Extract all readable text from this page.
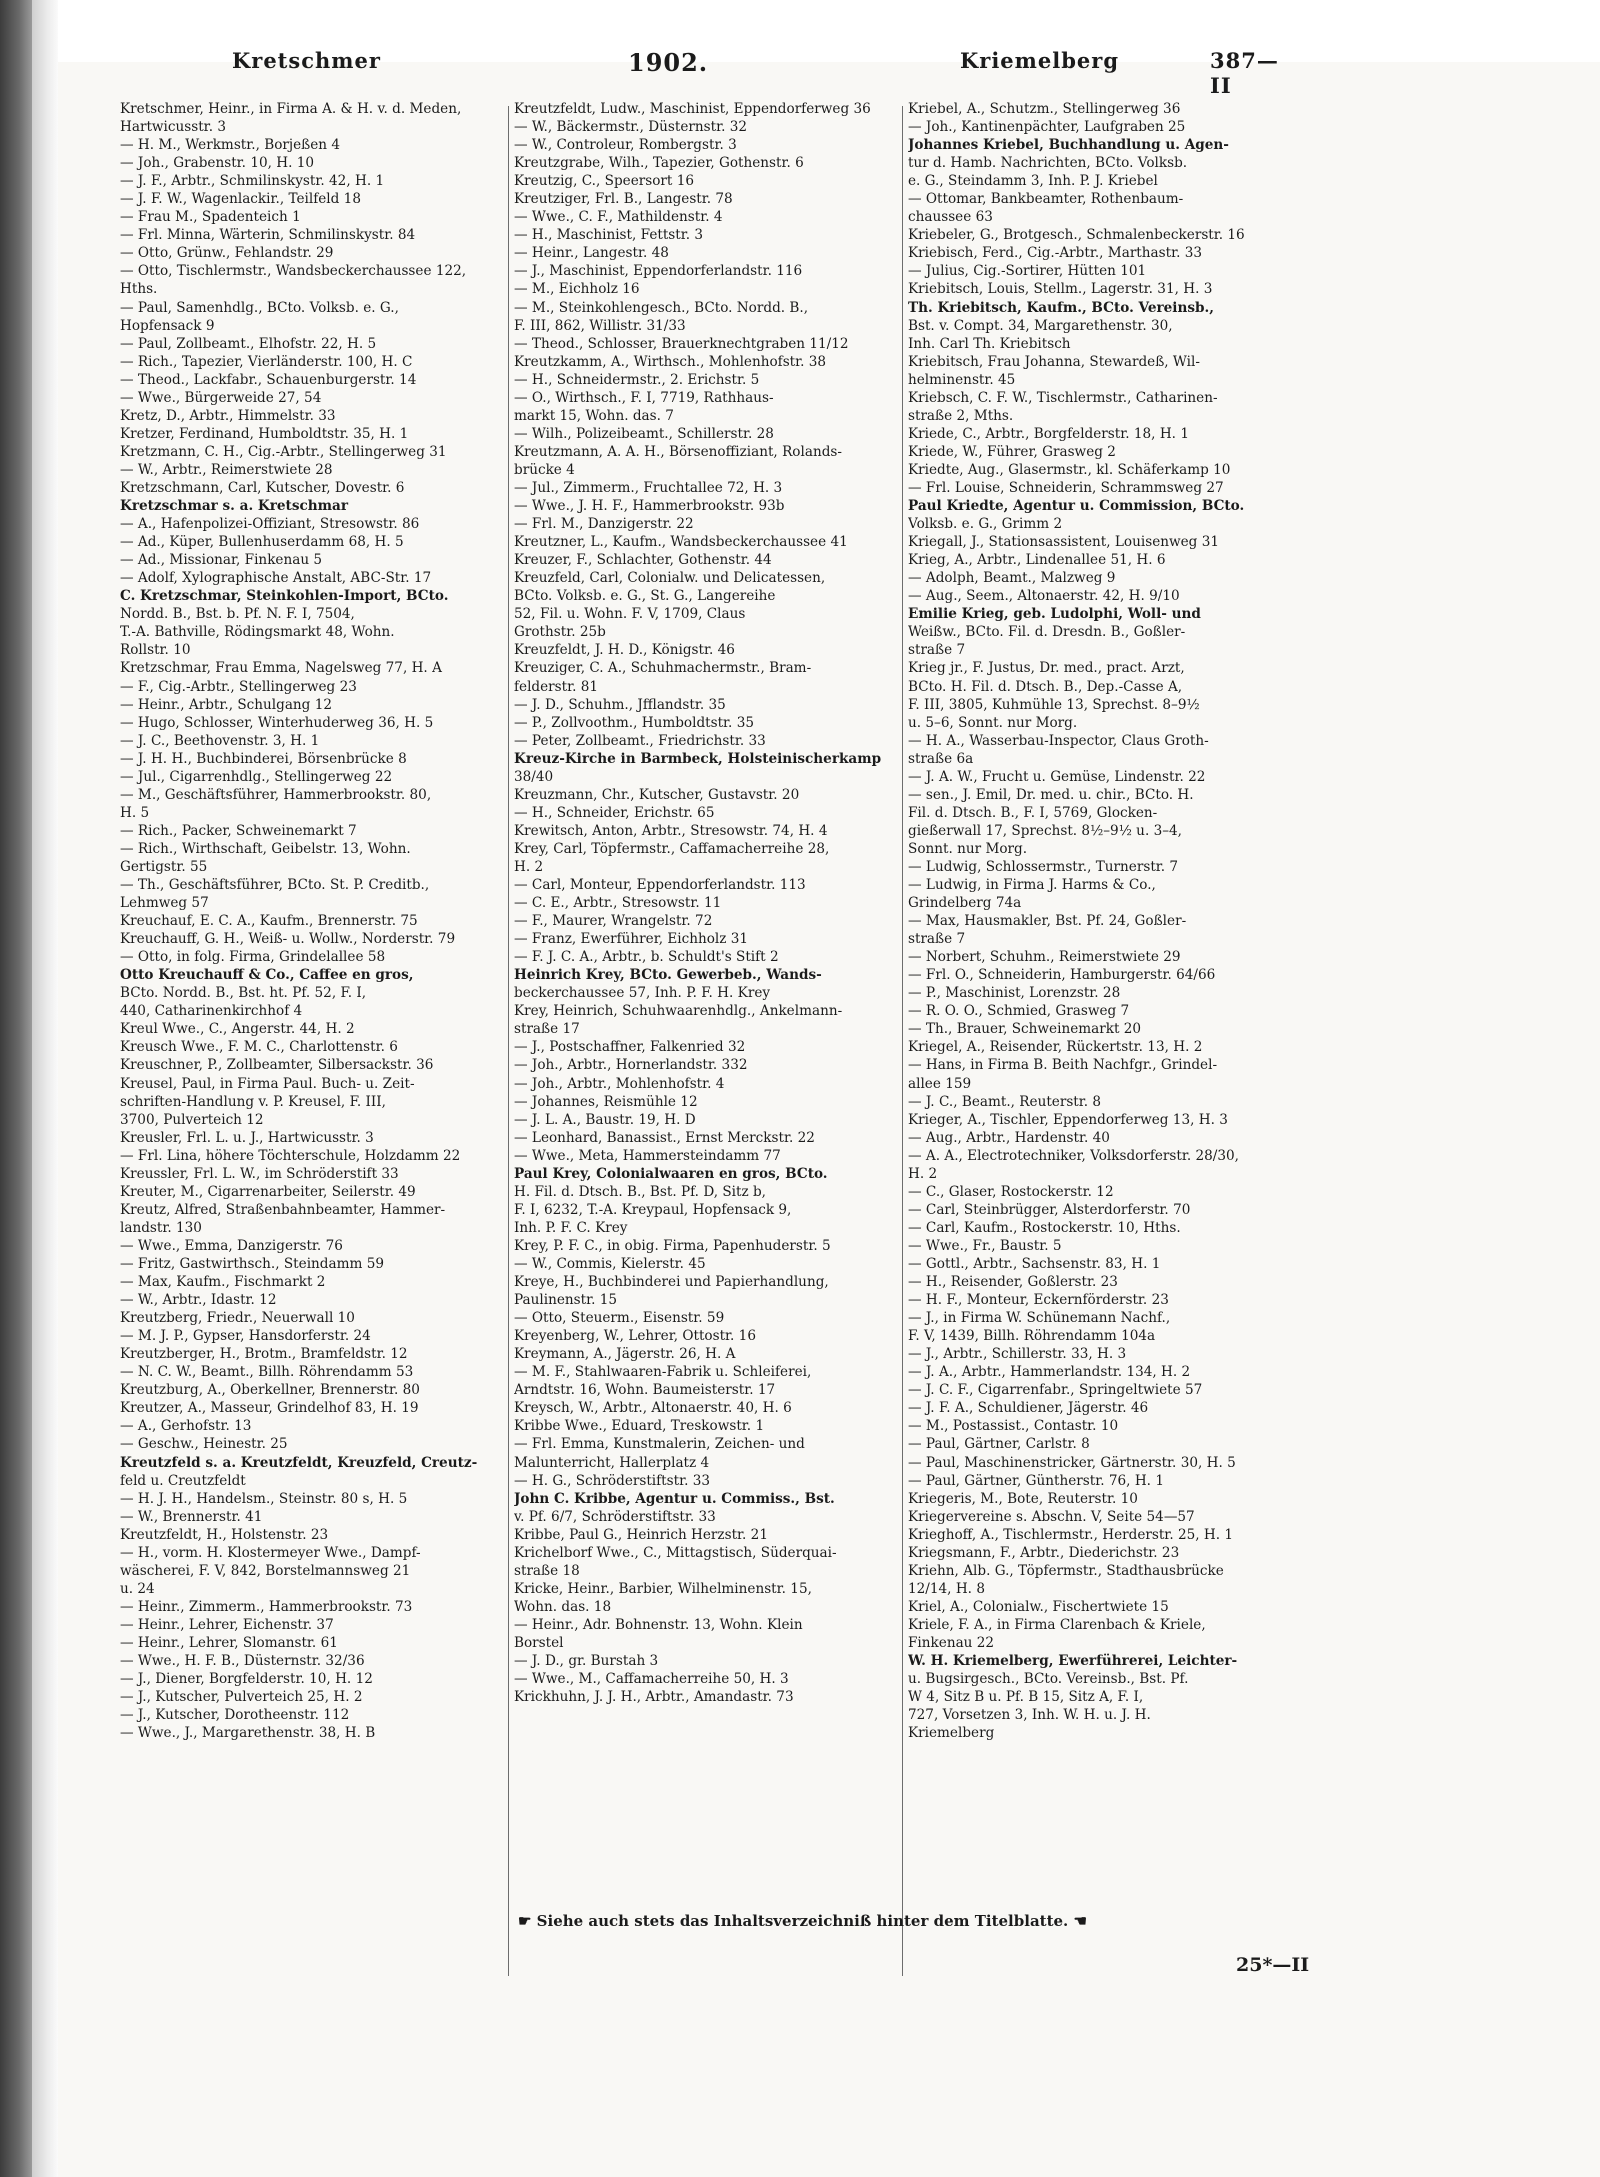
Kretschmer	1902.	Kriemelberg	387—II
Kretschmer, Heinr., in Firma A. & H. v. d. Meden,
Hartwicusstr. 3
— H. M., Werkmstr., Borjeßen 4
— Joh., Grabenstr. 10, H. 10
— J. F., Arbtr., Schmilinskystr. 42, H. 1
— J. F. W., Wagenlackir., Teilfeld 18
— Frau M., Spadenteich 1
— Frl. Minna, Wärterin, Schmilinskystr. 84
— Otto, Grünw., Fehlandstr. 29
— Otto, Tischlermstr., Wandsbeckerchaussee 122,
Hths.
— Paul, Samenhdlg., BCto. Volksb. e. G.,
Hopfensack 9
— Paul, Zollbeamt., Elhofstr. 22, H. 5
— Rich., Tapezier, Vierländerstr. 100, H. C
— Theod., Lackfabr., Schauenburgerstr. 14
— Wwe., Bürgerweide 27, 54
Kretz, D., Arbtr., Himmelstr. 33
Kretzer, Ferdinand, Humboldtstr. 35, H. 1
Kretzmann, C. H., Cig.-Arbtr., Stellingerweg 31
— W., Arbtr., Reimerstwiete 28
Kretzschmann, Carl, Kutscher, Dovestr. 6
Kretzschmar s. a. Kretschmar
— A., Hafenpolizei-Offiziant, Stresowstr. 86
— Ad., Küper, Bullenhuserdamm 68, H. 5
— Ad., Missionar, Finkenau 5
— Adolf, Xylographische Anstalt, ABC-Str. 17
C. Kretzschmar, Steinkohlen-Import, BCto.
Nordd. B., Bst. b. Pf. N. F. I, 7504,
T.-A. Bathville, Rödingsmarkt 48, Wohn.
Rollstr. 10
Kretzschmar, Frau Emma, Nagelsweg 77, H. A
— F., Cig.-Arbtr., Stellingerweg 23
— Heinr., Arbtr., Schulgang 12
— Hugo, Schlosser, Winterhuderweg 36, H. 5
— J. C., Beethovenstr. 3, H. 1
— J. H. H., Buchbinderei, Börsenbrücke 8
— Jul., Cigarrenhdlg., Stellingerweg 22
— M., Geschäftsführer, Hammerbrookstr. 80,
H. 5
— Rich., Packer, Schweinemarkt 7
— Rich., Wirthschaft, Geibelstr. 13, Wohn.
Gertigstr. 55
— Th., Geschäftsführer, BCto. St. P. Creditb.,
Lehmweg 57
Kreuchauf, E. C. A., Kaufm., Brennerstr. 75
Kreuchauff, G. H., Weiß- u. Wollw., Norderstr. 79
— Otto, in folg. Firma, Grindelallee 58
Otto Kreuchauff & Co., Caffee en gros,
BCto. Nordd. B., Bst. ht. Pf. 52, F. I,
440, Catharinenkirchhof 4
Kreul Wwe., C., Angerstr. 44, H. 2
Kreusch Wwe., F. M. C., Charlottenstr. 6
Kreuschner, P., Zollbeamter, Silbersackstr. 36
Kreusel, Paul, in Firma Paul. Buch- u. Zeit-
schriften-Handlung v. P. Kreusel, F. III,
3700, Pulverteich 12
Kreusler, Frl. L. u. J., Hartwicusstr. 3
— Frl. Lina, höhere Töchterschule, Holzdamm 22
Kreussler, Frl. L. W., im Schröderstift 33
Kreuter, M., Cigarrenarbeiter, Seilerstr. 49
Kreutz, Alfred, Straßenbahnbeamter, Hammer-
landstr. 130
— Wwe., Emma, Danzigerstr. 76
— Fritz, Gastwirthsch., Steindamm 59
— Max, Kaufm., Fischmarkt 2
— W., Arbtr., Idastr. 12
Kreutzberg, Friedr., Neuerwall 10
— M. J. P., Gypser, Hansdorferstr. 24
Kreutzberger, H., Brotm., Bramfeldstr. 12
— N. C. W., Beamt., Billh. Röhrendamm 53
Kreutzburg, A., Oberkellner, Brennerstr. 80
Kreutzer, A., Masseur, Grindelhof 83, H. 19
— A., Gerhofstr. 13
— Geschw., Heinestr. 25
Kreutzfeld s. a. Kreutzfeldt, Kreuzfeld, Creutz-
feld u. Creutzfeldt
— H. J. H., Handelsm., Steinstr. 80 s, H. 5
— W., Brennerstr. 41
Kreutzfeldt, H., Holstenstr. 23
— H., vorm. H. Klostermeyer Wwe., Dampf-
wäscherei, F. V, 842, Borstelmannsweg 21
u. 24
— Heinr., Zimmerm., Hammerbrookstr. 73
— Heinr., Lehrer, Eichenstr. 37
— Heinr., Lehrer, Slomanstr. 61
— Wwe., H. F. B., Düsternstr. 32/36
— J., Diener, Borgfelderstr. 10, H. 12
— J., Kutscher, Pulverteich 25, H. 2
— J., Kutscher, Dorotheenstr. 112
— Wwe., J., Margarethenstr. 38, H. B
Kreutzfeldt, Ludw., Maschinist, Eppendorferweg 36
— W., Bäckermstr., Düsternstr. 32
— W., Controleur, Rombergstr. 3
Kreutzgrabe, Wilh., Tapezier, Gothenstr. 6
Kreutzig, C., Speersort 16
Kreutziger, Frl. B., Langestr. 78
— Wwe., C. F., Mathildenstr. 4
— H., Maschinist, Fettstr. 3
— Heinr., Langestr. 48
— J., Maschinist, Eppendorferlandstr. 116
— M., Eichholz 16
— M., Steinkohlengesch., BCto. Nordd. B.,
F. III, 862, Willistr. 31/33
— Theod., Schlosser, Brauerknechtgraben 11/12
Kreutzkamm, A., Wirthsch., Mohlenhofstr. 38
— H., Schneidermstr., 2. Erichstr. 5
— O., Wirthsch., F. I, 7719, Rathhaus-
markt 15, Wohn. das. 7
— Wilh., Polizeibeamt., Schillerstr. 28
Kreutzmann, A. A. H., Börsenoffiziant, Rolands-
brücke 4
— Jul., Zimmerm., Fruchtallee 72, H. 3
— Wwe., J. H. F., Hammerbrookstr. 93b
— Frl. M., Danzigerstr. 22
Kreutzner, L., Kaufm., Wandsbeckerchaussee 41
Kreuzer, F., Schlachter, Gothenstr. 44
Kreuzfeld, Carl, Colonialw. und Delicatessen,
BCto. Volksb. e. G., St. G., Langereihe
52, Fil. u. Wohn. F. V, 1709, Claus
Grothstr. 25b
Kreuzfeldt, J. H. D., Königstr. 46
Kreuziger, C. A., Schuhmachermstr., Bram-
felderstr. 81
— J. D., Schuhm., Jfflandstr. 35
— P., Zollvoothm., Humboldtstr. 35
— Peter, Zollbeamt., Friedrichstr. 33
Kreuz-Kirche in Barmbeck, Holsteinischerkamp
38/40
Kreuzmann, Chr., Kutscher, Gustavstr. 20
— H., Schneider, Erichstr. 65
Krewitsch, Anton, Arbtr., Stresowstr. 74, H. 4
Krey, Carl, Töpfermstr., Caffamacherreihe 28,
H. 2
— Carl, Monteur, Eppendorferlandstr. 113
— C. E., Arbtr., Stresowstr. 11
— F., Maurer, Wrangelstr. 72
— Franz, Ewerführer, Eichholz 31
— F. J. C. A., Arbtr., b. Schuldt's Stift 2
Heinrich Krey, BCto. Gewerbeb., Wands-
beckerchaussee 57, Inh. P. F. H. Krey
Krey, Heinrich, Schuhwaarenhdlg., Ankelmann-
straße 17
— J., Postschaffner, Falkenried 32
— Joh., Arbtr., Hornerlandstr. 332
— Joh., Arbtr., Mohlenhofstr. 4
— Johannes, Reismühle 12
— J. L. A., Baustr. 19, H. D
— Leonhard, Banassist., Ernst Merckstr. 22
— Wwe., Meta, Hammersteindamm 77
Paul Krey, Colonialwaaren en gros, BCto.
H. Fil. d. Dtsch. B., Bst. Pf. D, Sitz b,
F. I, 6232, T.-A. Kreypaul, Hopfensack 9,
Inh. P. F. C. Krey
Krey, P. F. C., in obig. Firma, Papenhuderstr. 5
— W., Commis, Kielerstr. 45
Kreye, H., Buchbinderei und Papierhandlung,
Paulinenstr. 15
— Otto, Steuerm., Eisenstr. 59
Kreyenberg, W., Lehrer, Ottostr. 16
Kreymann, A., Jägerstr. 26, H. A
— M. F., Stahlwaaren-Fabrik u. Schleiferei,
Arndtstr. 16, Wohn. Baumeisterstr. 17
Kreysch, W., Arbtr., Altonaerstr. 40, H. 6
Kribbe Wwe., Eduard, Treskowstr. 1
— Frl. Emma, Kunstmalerin, Zeichen- und
Malunterricht, Hallerplatz 4
— H. G., Schröderstiftstr. 33
John C. Kribbe, Agentur u. Commiss., Bst.
v. Pf. 6/7, Schröderstiftstr. 33
Kribbe, Paul G., Heinrich Herzstr. 21
Krichelborf Wwe., C., Mittagstisch, Süderquai-
straße 18
Kricke, Heinr., Barbier, Wilhelminenstr. 15,
Wohn. das. 18
— Heinr., Adr. Bohnenstr. 13, Wohn. Klein
Borstel
— J. D., gr. Burstah 3
— Wwe., M., Caffamacherreihe 50, H. 3
Krickhuhn, J. J. H., Arbtr., Amandastr. 73
Kriebel, A., Schutzm., Stellingerweg 36
— Joh., Kantinenpächter, Laufgraben 25
Johannes Kriebel, Buchhandlung u. Agen-
tur d. Hamb. Nachrichten, BCto. Volksb.
e. G., Steindamm 3, Inh. P. J. Kriebel
— Ottomar, Bankbeamter, Rothenbaum-
chaussee 63
Kriebeler, G., Brotgesch., Schmalenbeckerstr. 16
Kriebisch, Ferd., Cig.-Arbtr., Marthastr. 33
— Julius, Cig.-Sortirer, Hütten 101
Kriebitsch, Louis, Stellm., Lagerstr. 31, H. 3
Th. Kriebitsch, Kaufm., BCto. Vereinsb.,
Bst. v. Compt. 34, Margarethenstr. 30,
Inh. Carl Th. Kriebitsch
Kriebitsch, Frau Johanna, Stewardeß, Wil-
helminenstr. 45
Kriebsch, C. F. W., Tischlermstr., Catharinen-
straße 2, Mths.
Kriede, C., Arbtr., Borgfelderstr. 18, H. 1
Kriede, W., Führer, Grasweg 2
Kriedte, Aug., Glasermstr., kl. Schäferkamp 10
— Frl. Louise, Schneiderin, Schrammsweg 27
Paul Kriedte, Agentur u. Commission, BCto.
Volksb. e. G., Grimm 2
Kriegall, J., Stationsassistent, Louisenweg 31
Krieg, A., Arbtr., Lindenallee 51, H. 6
— Adolph, Beamt., Malzweg 9
— Aug., Seem., Altonaerstr. 42, H. 9/10
Emilie Krieg, geb. Ludolphi, Woll- und
Weißw., BCto. Fil. d. Dresdn. B., Goßler-
straße 7
Krieg jr., F. Justus, Dr. med., pract. Arzt,
BCto. H. Fil. d. Dtsch. B., Dep.-Casse A,
F. III, 3805, Kuhmühle 13, Sprechst. 8–9½
u. 5–6, Sonnt. nur Morg.
— H. A., Wasserbau-Inspector, Claus Groth-
straße 6a
— J. A. W., Frucht u. Gemüse, Lindenstr. 22
— sen., J. Emil, Dr. med. u. chir., BCto. H.
Fil. d. Dtsch. B., F. I, 5769, Glocken-
gießerwall 17, Sprechst. 8½–9½ u. 3–4,
Sonnt. nur Morg.
— Ludwig, Schlossermstr., Turnerstr. 7
— Ludwig, in Firma J. Harms & Co.,
Grindelberg 74a
— Max, Hausmakler, Bst. Pf. 24, Goßler-
straße 7
— Norbert, Schuhm., Reimerstwiete 29
— Frl. O., Schneiderin, Hamburgerstr. 64/66
— P., Maschinist, Lorenzstr. 28
— R. O. O., Schmied, Grasweg 7
— Th., Brauer, Schweinemarkt 20
Kriegel, A., Reisender, Rückertstr. 13, H. 2
— Hans, in Firma B. Beith Nachfgr., Grindel-
allee 159
— J. C., Beamt., Reuterstr. 8
Krieger, A., Tischler, Eppendorferweg 13, H. 3
— Aug., Arbtr., Hardenstr. 40
— A. A., Electrotechniker, Volksdorferstr. 28/30,
H. 2
— C., Glaser, Rostockerstr. 12
— Carl, Steinbrügger, Alsterdorferstr. 70
— Carl, Kaufm., Rostockerstr. 10, Hths.
— Wwe., Fr., Baustr. 5
— Gottl., Arbtr., Sachsenstr. 83, H. 1
— H., Reisender, Goßlerstr. 23
— H. F., Monteur, Eckernförderstr. 23
— J., in Firma W. Schünemann Nachf.,
F. V, 1439, Billh. Röhrendamm 104a
— J., Arbtr., Schillerstr. 33, H. 3
— J. A., Arbtr., Hammerlandstr. 134, H. 2
— J. C. F., Cigarrenfabr., Springeltwiete 57
— J. F. A., Schuldiener, Jägerstr. 46
— M., Postassist., Contastr. 10
— Paul, Gärtner, Carlstr. 8
— Paul, Maschinenstricker, Gärtnerstr. 30, H. 5
— Paul, Gärtner, Güntherstr. 76, H. 1
Kriegeris, M., Bote, Reuterstr. 10
Kriegervereine s. Abschn. V, Seite 54—57
Krieghoff, A., Tischlermstr., Herderstr. 25, H. 1
Kriegsmann, F., Arbtr., Diederichstr. 23
Kriehn, Alb. G., Töpfermstr., Stadthausbrücke
12/14, H. 8
Kriel, A., Colonialw., Fischertwiete 15
Kriele, F. A., in Firma Clarenbach & Kriele,
Finkenau 22
W. H. Kriemelberg, Ewerführerei, Leichter-
u. Bugsirgesch., BCto. Vereinsb., Bst. Pf.
W 4, Sitz B u. Pf. B 15, Sitz A, F. I,
727, Vorsetzen 3, Inh. W. H. u. J. H.
Kriemelberg
☛ Siehe auch stets das Inhaltsverzeichniß hinter dem Titelblatte. ☚
25*—II
